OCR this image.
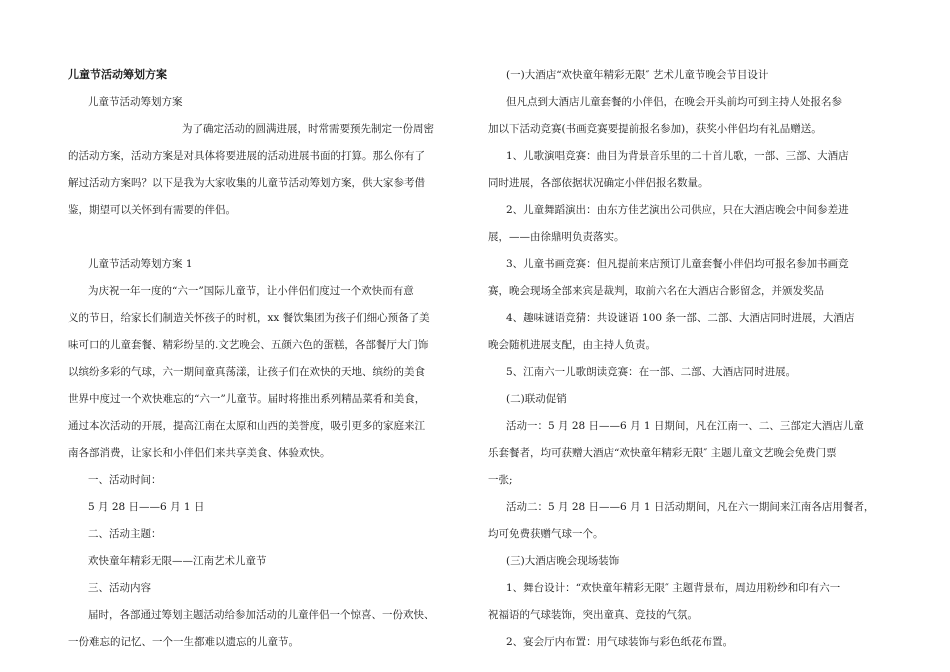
儿童节活动筹划方案
儿童节活动筹划方案
为了确定活动的圆满进展，时常需要预先制定一份周密
的活动方案，活动方案是对具体将要进展的活动进展书面的打算。那么你有了
解过活动方案吗？以下是我为大家收集的儿童节活动筹划方案，供大家参考借
鉴，期望可以关怀到有需要的伴侣。
儿童节活动筹划方案 1
为庆祝一年一度的“六一”国际儿童节，让小伴侣们度过一个欢快而有意
义的节日，给家长们制造关怀孩子的时机，xx 餐饮集团为孩子们细心预备了美
味可口的儿童套餐、精彩纷呈的.文艺晚会、五颜六色的蛋糕，各部餐厅大门饰
以缤纷多彩的气球，六一期间童真荡漾，让孩子们在欢快的天地、缤纷的美食
世界中度过一个欢快难忘的“六一”儿童节。届时将推出系列精品菜肴和美食，
通过本次活动的开展，提高江南在太原和山西的美誉度，吸引更多的家庭来江
南各部消费，让家长和小伴侣们来共享美食、体验欢快。
一、活动时间：
5 月 28 日——6 月 1 日
二、活动主题：
欢快童年精彩无限——江南艺术儿童节
三、活动内容
届时，各部通过筹划主题活动给参加活动的儿童伴侣一个惊喜、一份欢快、
一份难忘的记忆、一个一生都难以遗忘的儿童节。
(一)大酒店“欢快童年精彩无限″ 艺术儿童节晚会节目设计
但凡点到大酒店儿童套餐的小伴侣，在晚会开头前均可到主持人处报名参
加以下活动竞赛(书画竞赛要提前报名参加)，获奖小伴侣均有礼品赠送。
1、儿歌演唱竞赛：曲目为背景音乐里的二十首儿歌，一部、三部、大酒店
同时进展，各部依据状况确定小伴侣报名数量。
2、儿童舞蹈演出：由东方佳艺演出公司供应，只在大酒店晚会中间参差进
展，——由徐鼎明负责落实。
3、儿童书画竞赛：但凡提前来店预订儿童套餐小伴侣均可报名参加书画竞
赛，晚会现场全部来宾是裁判，取前六名在大酒店合影留念，并颁发奖品
4、趣味谜语竞猜：共设谜语 100 条一部、二部、大酒店同时进展，大酒店
晚会随机进展支配，由主持人负责。
5、江南六一儿歌朗读竞赛：在一部、二部、大酒店同时进展。
(二)联动促销
活动一：5 月 28 日——6 月 1 日期间，凡在江南一、二、三部定大酒店儿童
乐套餐者，均可获赠大酒店“欢快童年精彩无限″ 主题儿童文艺晚会免费门票
一张;
活动二：5 月 28 日——6 月 1 日活动期间，凡在六一期间来江南各店用餐者，
均可免费获赠气球一个。
(三)大酒店晚会现场装饰
1、舞台设计：“欢快童年精彩无限″ 主题背景布，周边用粉纱和印有六一
祝福语的气球装饰，突出童真、竞技的气氛。
2、宴会厅内布置：用气球装饰与彩色纸花布置。
